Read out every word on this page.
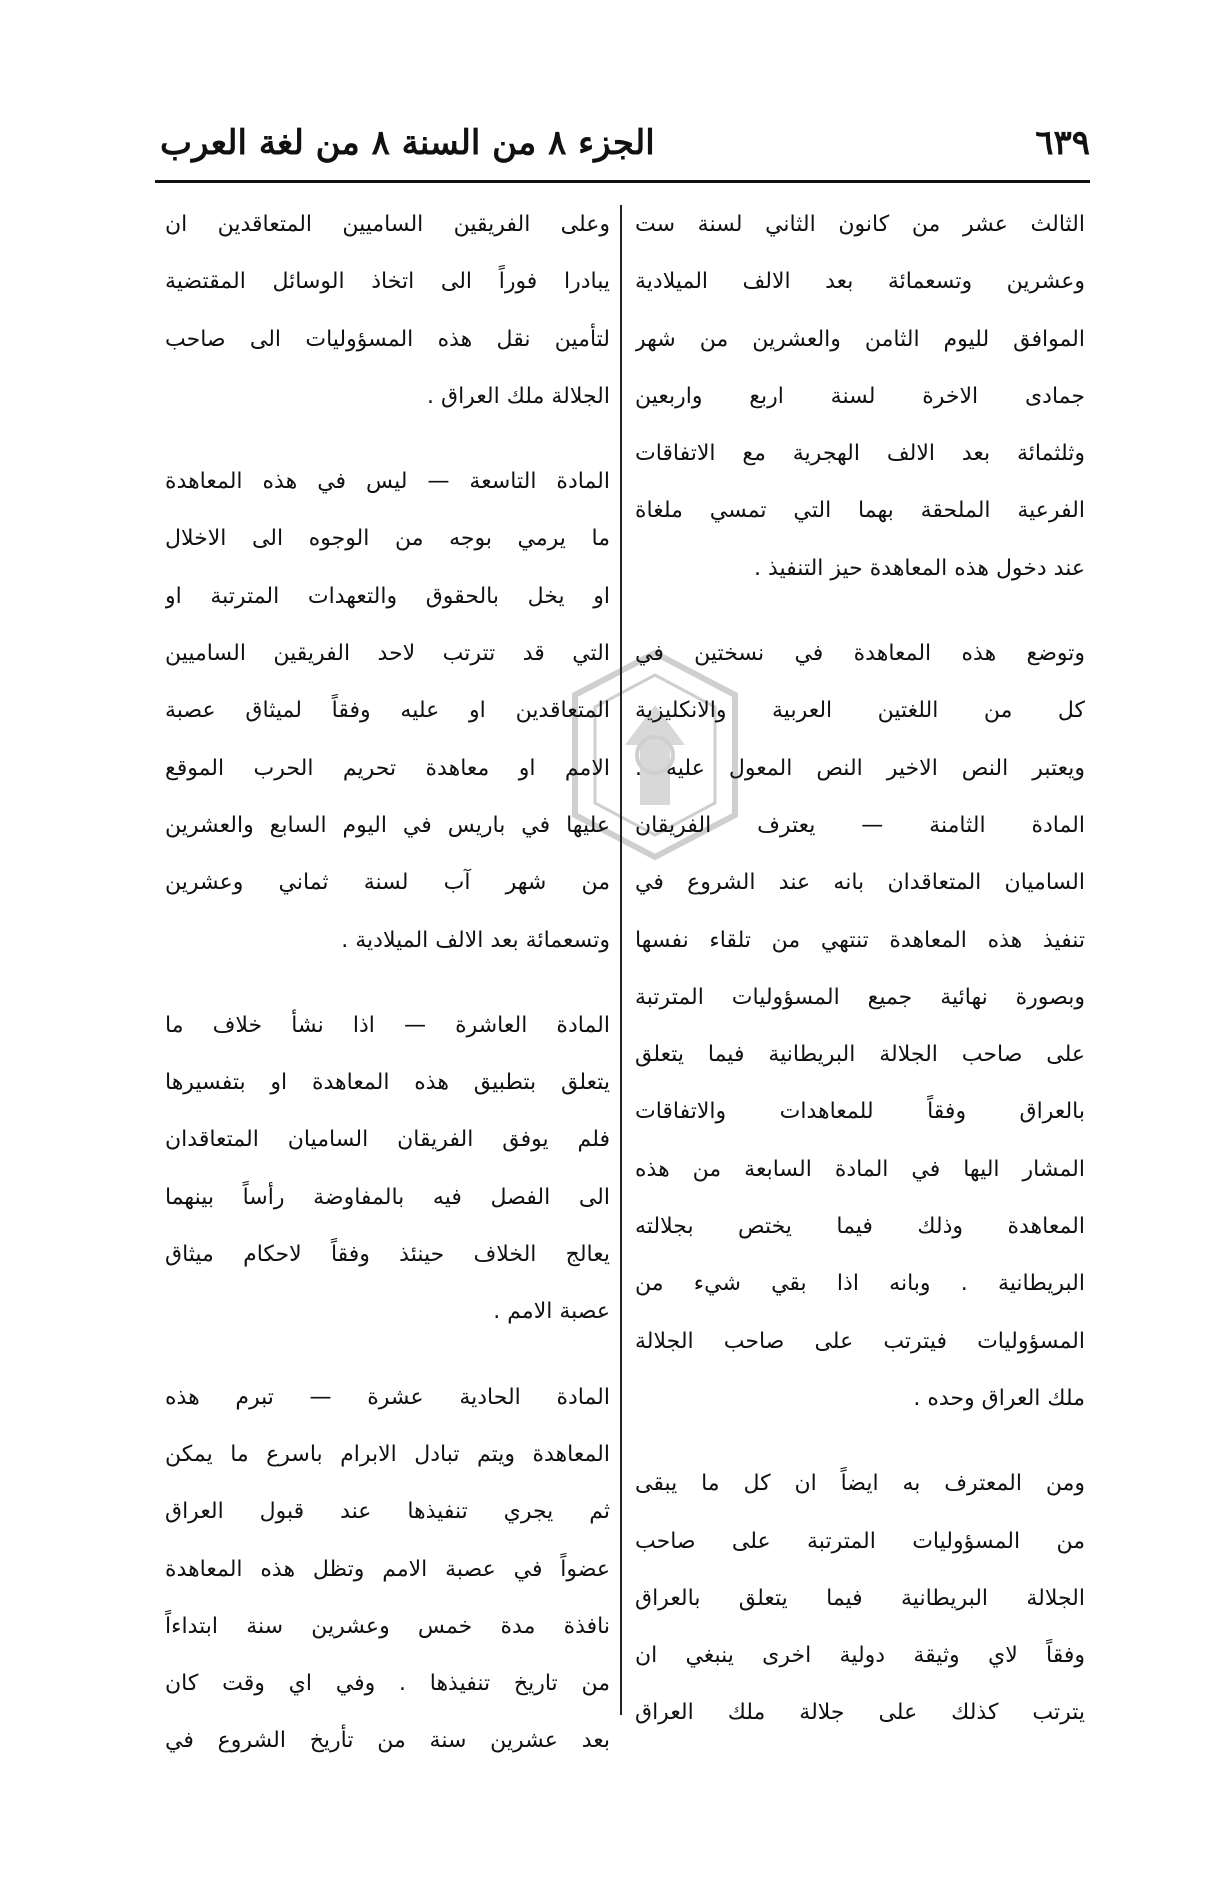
الجزء ٨ من السنة ٨ من لغة العرب	٦٣٩
الثالث عشر من كانون الثاني لسنة ست
وعشرين وتسعمائة بعد الالف الميلادية
الموافق لليوم الثامن والعشرين من شهر
جمادى الاخرة لسنة اربع واربعين
وثلثمائة بعد الالف الهجرية مع الاتفاقات
الفرعية الملحقة بهما التي تمسي ملغاة
عند دخول هذه المعاهدة حيز التنفيذ .
وتوضع هذه المعاهدة في نسختين في
كل من اللغتين العربية والانكليزية
ويعتبر النص الاخير النص المعول عليه .
المادة الثامنة — يعترف الفريقان
الساميان المتعاقدان بانه عند الشروع في
تنفيذ هذه المعاهدة تنتهي من تلقاء نفسها
وبصورة نهائية جميع المسؤوليات المترتبة
على صاحب الجلالة البريطانية فيما يتعلق
بالعراق وفقاً للمعاهدات والاتفاقات
المشار اليها في المادة السابعة من هذه
المعاهدة وذلك فيما يختص بجلالته
البريطانية . وبانه اذا بقي شيء من
المسؤوليات فيترتب على صاحب الجلالة
ملك العراق وحده .
ومن المعترف به ايضاً ان كل ما يبقى
من المسؤوليات المترتبة على صاحب
الجلالة البريطانية فيما يتعلق بالعراق
وفقاً لاي وثيقة دولية اخرى ينبغي ان
يترتب كذلك على جلالة ملك العراق
وعلى الفريقين الساميين المتعاقدين ان
يبادرا فوراً الى اتخاذ الوسائل المقتضية
لتأمين نقل هذه المسؤوليات الى صاحب
الجلالة ملك العراق .
المادة التاسعة — ليس في هذه المعاهدة
ما يرمي بوجه من الوجوه الى الاخلال
او يخل بالحقوق والتعهدات المترتبة او
التي قد تترتب لاحد الفريقين الساميين
المتعاقدين او عليه وفقاً لميثاق عصبة
الامم او معاهدة تحريم الحرب الموقع
عليها في باريس في اليوم السابع والعشرين
من شهر آب لسنة ثماني وعشرين
وتسعمائة بعد الالف الميلادية .
المادة العاشرة — اذا نشأ خلاف ما
يتعلق بتطبيق هذه المعاهدة او بتفسيرها
فلم يوفق الفريقان الساميان المتعاقدان
الى الفصل فيه بالمفاوضة رأساً بينهما
يعالج الخلاف حينئذ وفقاً لاحكام ميثاق
عصبة الامم .
المادة الحادية عشرة — تبرم هذه
المعاهدة ويتم تبادل الابرام باسرع ما يمكن
ثم يجري تنفيذها عند قبول العراق
عضواً في عصبة الامم وتظل هذه المعاهدة
نافذة مدة خمس وعشرين سنة ابتداءاً
من تاريخ تنفيذها . وفي اي وقت كان
بعد عشرين سنة من تأريخ الشروع في
